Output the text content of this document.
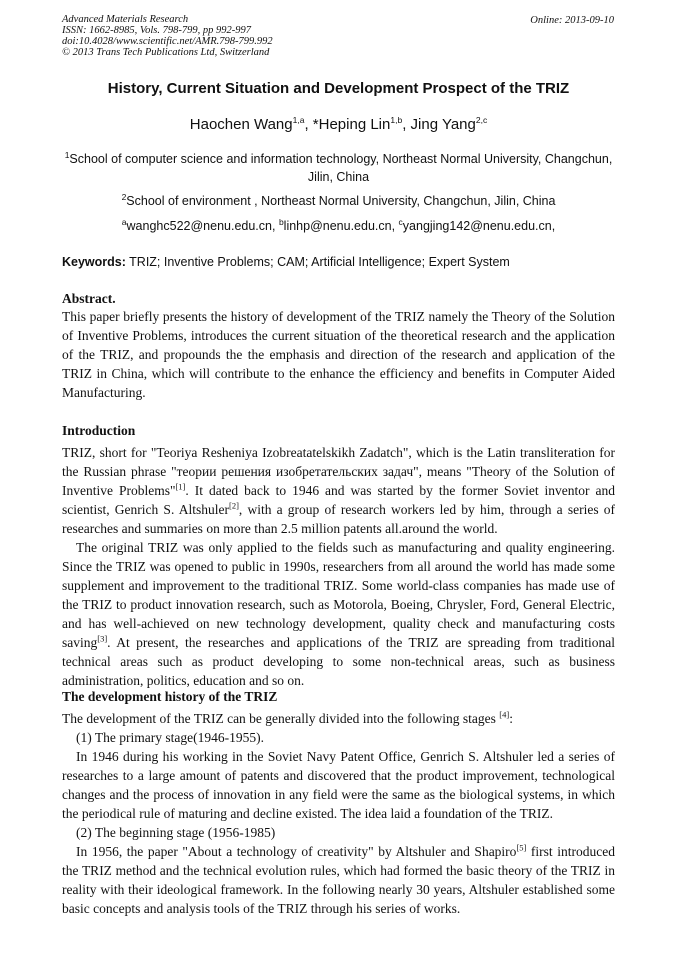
Advanced Materials Research
ISSN: 1662-8985, Vols. 798-799, pp 992-997
doi:10.4028/www.scientific.net/AMR.798-799.992
© 2013 Trans Tech Publications Ltd, Switzerland
Online: 2013-09-10
History, Current Situation and Development Prospect of the TRIZ
Haochen Wang$^{1,a}$, *Heping Lin$^{1,b}$, Jing Yang$^{2,c}$
$^1$School of computer science and information technology, Northeast Normal University, Changchun, Jilin, China
$^2$School of environment , Northeast Normal University, Changchun, Jilin, China
$^a$wanghc522@nenu.edu.cn, $^b$linhp@nenu.edu.cn, $^c$yangjing142@nenu.edu.cn,
Keywords: TRIZ; Inventive Problems; CAM; Artificial Intelligence; Expert System
Abstract.

This paper briefly presents the history of development of the TRIZ namely the Theory of the Solution of Inventive Problems, introduces the current situation of the theoretical research and the application of the TRIZ, and propounds the the emphasis and direction of the research and application of the TRIZ in China, which will contribute to the enhance the efficiency and benefits in Computer Aided Manufacturing.

Introduction

TRIZ, short for "Teoriya Resheniya Izobreatatelskikh Zadatch", which is the Latin transliteration for the Russian phrase "теории решения изобретательских задач", means "Theory of the Solution of Inventive Problems"[1]. It dated back to 1946 and was started by the former Soviet inventor and scientist, Genrich S. Altshuler[2], with a group of research workers led by him, through a series of researches and summaries on more than 2.5 million patents all.around the world.

The original TRIZ was only applied to the fields such as manufacturing and quality engineering. Since the TRIZ was opened to public in 1990s, researchers from all around the world has made some supplement and improvement to the traditional TRIZ. Some world-class companies has made use of the TRIZ to product innovation research, such as Motorola, Boeing, Chrysler, Ford, General Electric, and has well-achieved on new technology development, quality check and manufacturing costs saving[3]. At present, the researches and applications of the TRIZ are spreading from traditional technical areas such as product developing to some non-technical areas, such as business administration, politics, education and so on.

The development history of the TRIZ

The development of the TRIZ can be generally divided into the following stages [4]:

(1) The primary stage(1946-1955).

In 1946 during his working in the Soviet Navy Patent Office, Genrich S. Altshuler led a series of researches to a large amount of patents and discovered that the product improvement, technological changes and the process of innovation in any field were the same as the biological systems, in which the periodical rule of maturing and decline existed. The idea laid a foundation of the TRIZ.

(2) The beginning stage (1956-1985)

In 1956, the paper "About a technology of creativity" by Altshuler and Shapiro[5] first introduced the TRIZ method and the technical evolution rules, which had formed the basic theory of the TRIZ in reality with their ideological framework. In the following nearly 30 years, Altshuler established some basic concepts and analysis tools of the TRIZ through his series of works.
